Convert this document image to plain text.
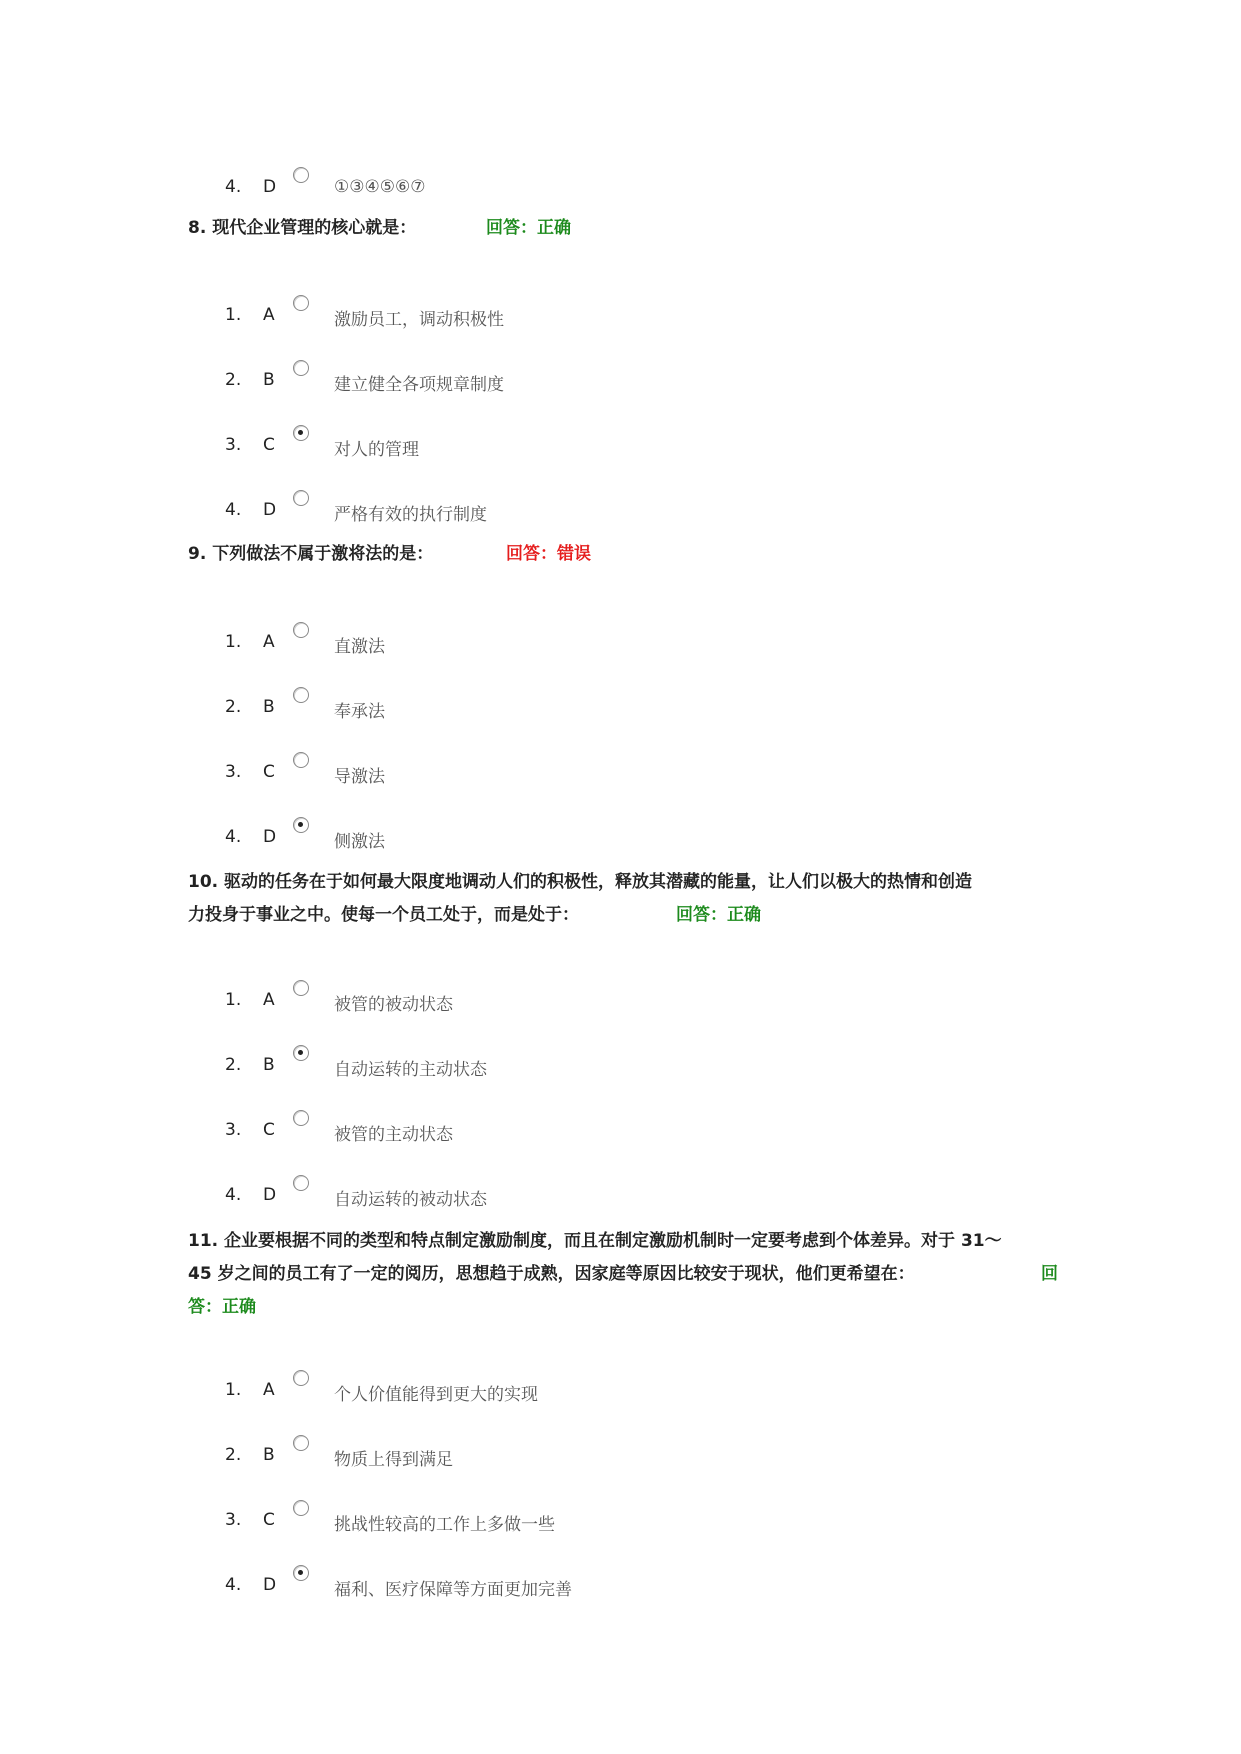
4.	D	①③④⑤⑥⑦
8. 现代企业管理的核心就是：	回答：正确
1.	A	激励员工，调动积极性
2.	B	建立健全各项规章制度
3.	C	对人的管理
4.	D	严格有效的执行制度
9. 下列做法不属于激将法的是：	回答：错误
1.	A	直激法
2.	B	奉承法
3.	C	导激法
4.	D	侧激法
10. 驱动的任务在于如何最大限度地调动人们的积极性，释放其潜藏的能量，让人们以极大的热情和创造
力投身于事业之中。使每一个员工处于，而是处于：	回答：正确
1.	A	被管的被动状态
2.	B	自动运转的主动状态
3.	C	被管的主动状态
4.	D	自动运转的被动状态
11. 企业要根据不同的类型和特点制定激励制度，而且在制定激励机制时一定要考虑到个体差异。对于 31～
45 岁之间的员工有了一定的阅历，思想趋于成熟，因家庭等原因比较安于现状，他们更希望在：	回
答：正确
1.	A	个人价值能得到更大的实现
2.	B	物质上得到满足
3.	C	挑战性较高的工作上多做一些
4.	D	福利、医疗保障等方面更加完善
